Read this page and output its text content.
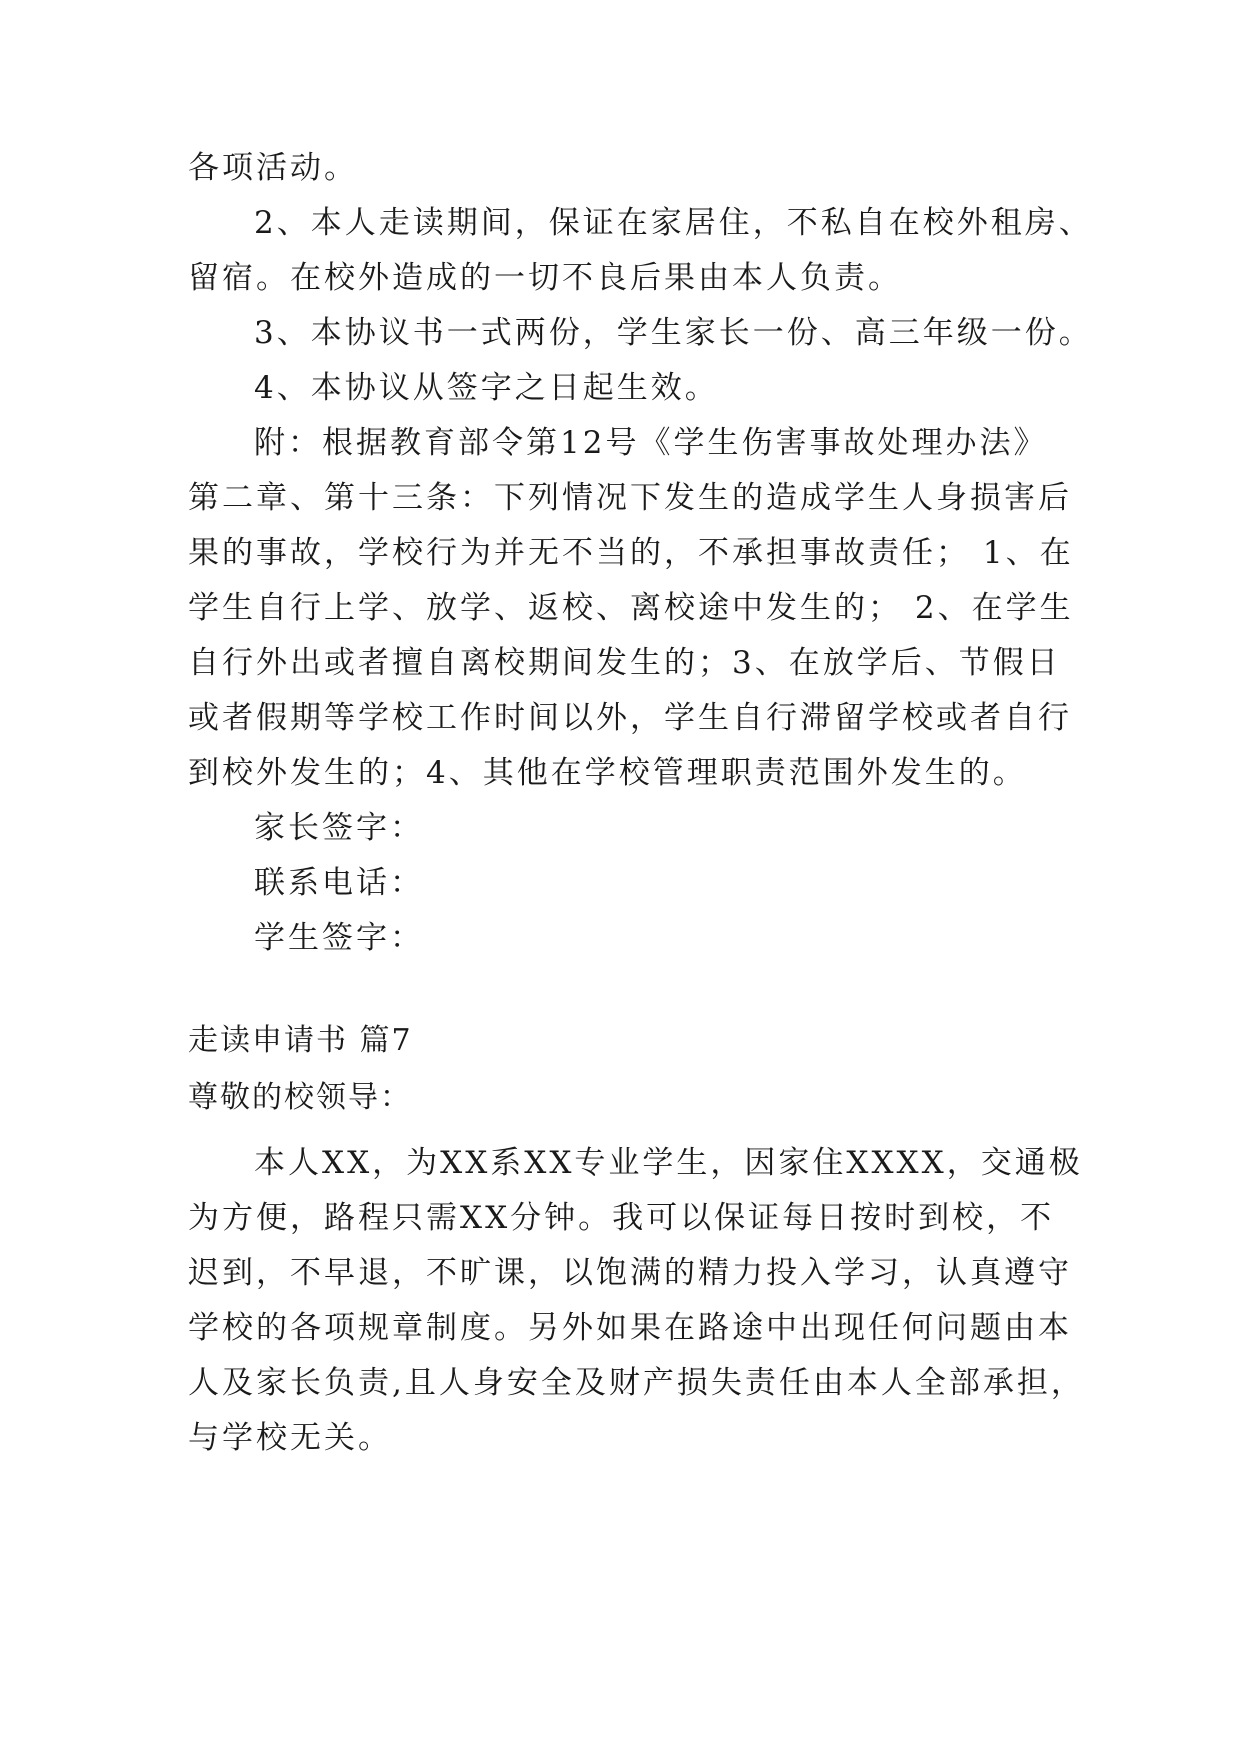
各项活动。
2、本人走读期间，保证在家居住，不私自在校外租房、
留宿。在校外造成的一切不良后果由本人负责。
3、本协议书一式两份，学生家长一份、高三年级一份。
4、本协议从签字之日起生效。
附：根据教育部令第12号《学生伤害事故处理办法》
第二章、第十三条：下列情况下发生的造成学生人身损害后
果的事故，学校行为并无不当的，不承担事故责任； 1、在
学生自行上学、放学、返校、离校途中发生的； 2、在学生
自行外出或者擅自离校期间发生的；3、在放学后、节假日
或者假期等学校工作时间以外，学生自行滞留学校或者自行
到校外发生的；4、其他在学校管理职责范围外发生的。
家长签字：
联系电话：
学生签字：
走读申请书 篇7
尊敬的校领导：
本人XX，为XX系XX专业学生，因家住XXXX，交通极
为方便，路程只需XX分钟。我可以保证每日按时到校，不
迟到，不早退，不旷课，以饱满的精力投入学习，认真遵守
学校的各项规章制度。另外如果在路途中出现任何问题由本
人及家长负责,且人身安全及财产损失责任由本人全部承担，
与学校无关。
